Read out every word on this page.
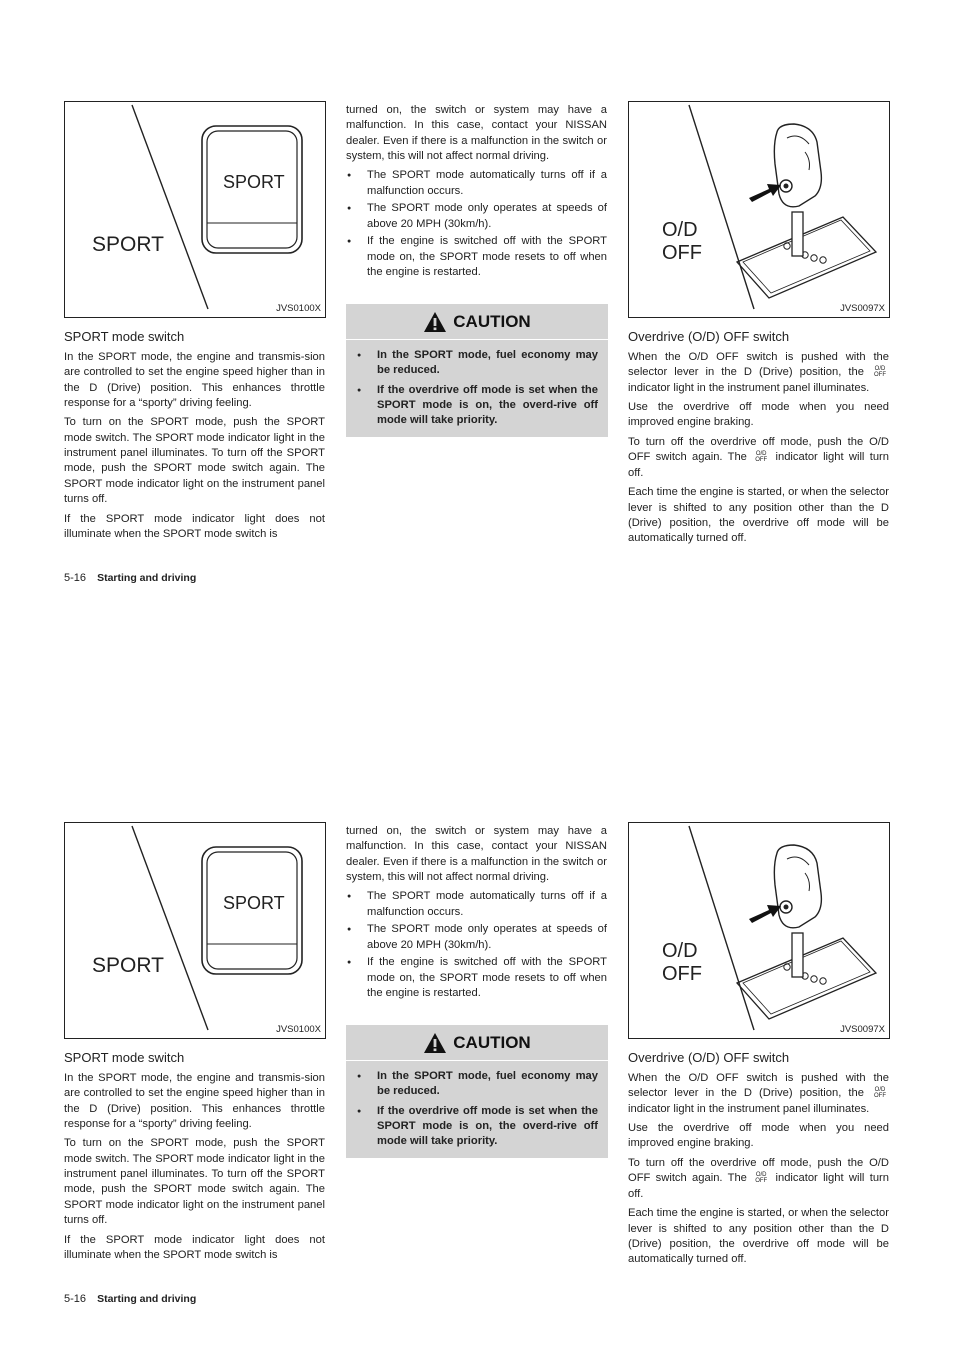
SPORT
SPORT
JVS0100X
SPORT mode switch

In the SPORT mode, the engine and transmis-sion are controlled to set the engine speed higher than in the D (Drive) position. This enhances throttle response for a “sporty” driving feeling.

To turn on the SPORT mode, push the SPORT mode switch. The SPORT mode indicator light in the instrument panel illuminates. To turn off the SPORT mode, push the SPORT mode switch again. The SPORT mode indicator light on the instrument panel turns off.

If the SPORT mode indicator light does not illuminate when the SPORT mode switch is

turned on, the switch or system may have a malfunction. In this case, contact your NISSAN dealer. Even if there is a malfunction in the switch or system, this will not affect normal driving.

● The SPORT mode automatically turns off if a malfunction occurs.
● The SPORT mode only operates at speeds of above 20 MPH (30km/h).
● If the engine is switched off with the SPORT mode on, the SPORT mode resets to off when the engine is restarted.
CAUTION
● In the SPORT mode, fuel economy may be reduced.
● If the overdrive off mode is set when the SPORT mode is on, the overd-rive off mode will take priority.
O/D
OFF
JVS0097X
Overdrive (O/D) OFF switch

When the O/D OFF switch is pushed with the selector lever in the D (Drive) position, the O/D
OFF indicator light in the instrument panel illuminates.

Use the overdrive off mode when you need improved engine braking.

To turn off the overdrive off mode, push the O/D OFF switch again. The O/D
OFF indicator light will turn off.

Each time the engine is started, or when the selector lever is shifted to any position other than the D (Drive) position, the overdrive off mode will be automatically turned off.

5-16 Starting and driving
SPORT
SPORT
JVS0100X
SPORT mode switch

In the SPORT mode, the engine and transmis-sion are controlled to set the engine speed higher than in the D (Drive) position. This enhances throttle response for a “sporty” driving feeling.

To turn on the SPORT mode, push the SPORT mode switch. The SPORT mode indicator light in the instrument panel illuminates. To turn off the SPORT mode, push the SPORT mode switch again. The SPORT mode indicator light on the instrument panel turns off.

If the SPORT mode indicator light does not illuminate when the SPORT mode switch is

turned on, the switch or system may have a malfunction. In this case, contact your NISSAN dealer. Even if there is a malfunction in the switch or system, this will not affect normal driving.

● The SPORT mode automatically turns off if a malfunction occurs.
● The SPORT mode only operates at speeds of above 20 MPH (30km/h).
● If the engine is switched off with the SPORT mode on, the SPORT mode resets to off when the engine is restarted.
CAUTION
● In the SPORT mode, fuel economy may be reduced.
● If the overdrive off mode is set when the SPORT mode is on, the overd-rive off mode will take priority.
O/D
OFF
JVS0097X
Overdrive (O/D) OFF switch

When the O/D OFF switch is pushed with the selector lever in the D (Drive) position, the O/D
OFF indicator light in the instrument panel illuminates.

Use the overdrive off mode when you need improved engine braking.

To turn off the overdrive off mode, push the O/D OFF switch again. The O/D
OFF indicator light will turn off.

Each time the engine is started, or when the selector lever is shifted to any position other than the D (Drive) position, the overdrive off mode will be automatically turned off.

5-16 Starting and driving
